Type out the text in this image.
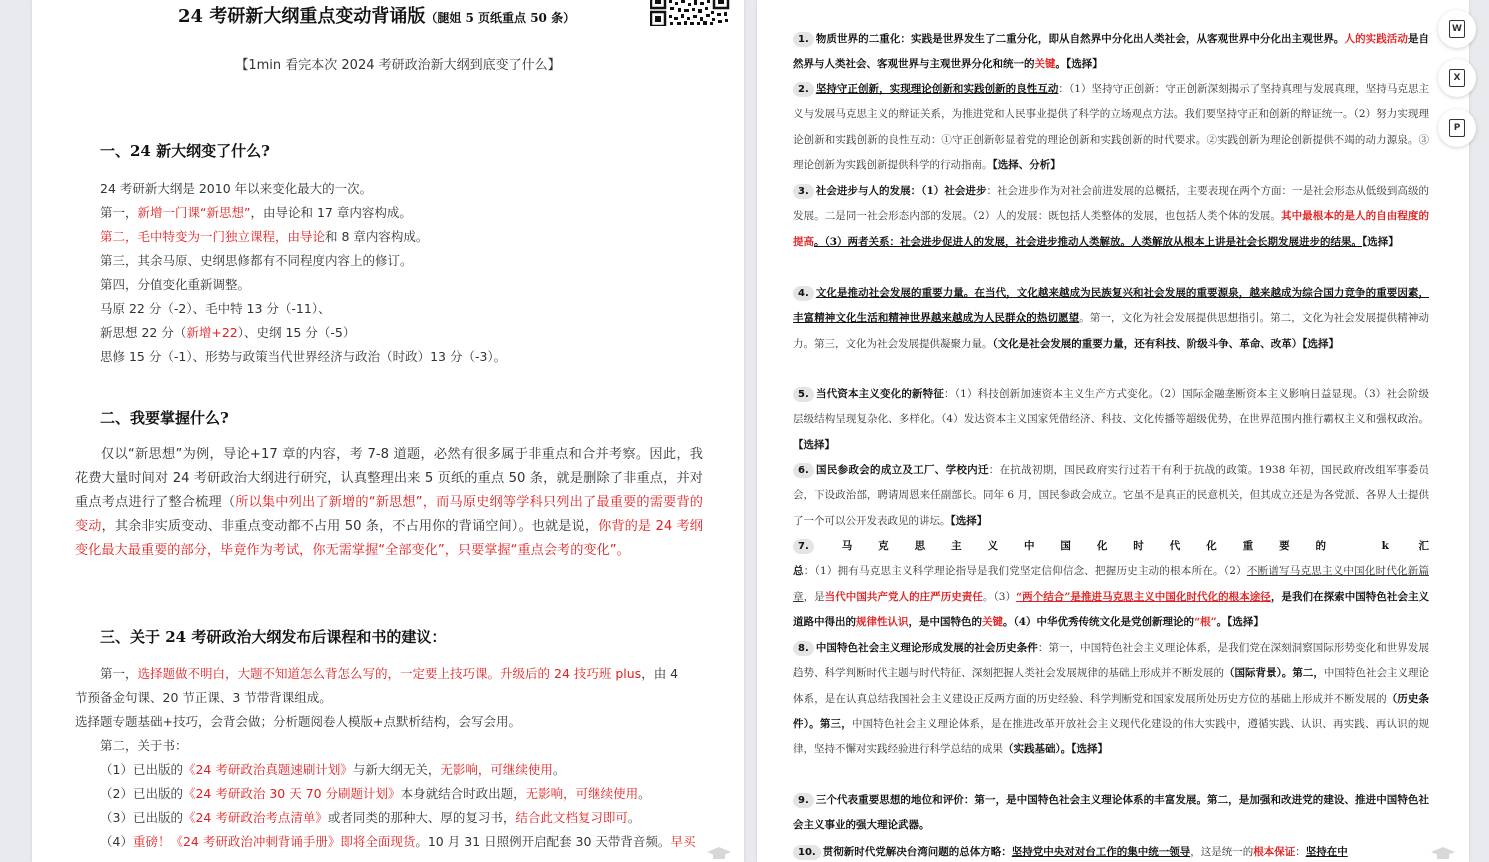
24 考研新大纲重点变动背诵版（腿姐 5 页纸重点 50 条）
【1min 看完本次 2024 考研政治新大纲到底变了什么】
一、24 新大纲变了什么?
24 考研新大纲是 2010 年以来变化最大的一次。
第一，新增一门课“新思想”，由导论和 17 章内容构成。
第二，毛中特变为一门独立课程，由导论和 8 章内容构成。
第三，其余马原、史纲思修都有不同程度内容上的修订。
第四，分值变化重新调整。
马原 22 分（-2）、毛中特 13 分（-11）、
新思想 22 分（新增+22）、史纲 15 分（-5）
思修 15 分（-1）、形势与政策当代世界经济与政治（时政）13 分（-3）。
二、我要掌握什么?
仅以“新思想”为例，导论+17 章的内容，考 7-8 道题，必然有很多属于非重点和合并考察。因此，我花费大量时间对 24 考研政治大纲进行研究，认真整理出来 5 页纸的重点 50 条，就是删除了非重点，并对重点考点进行了整合梳理（所以集中列出了新增的“新思想”，而马原史纲等学科只列出了最重要的需要背的变动，其余非实质变动、非重点变动都不占用 50 条，不占用你的背诵空间）。也就是说，你背的是 24 考纲变化最大最重要的部分，毕竟作为考试，你无需掌握“全部变化”，只要掌握“重点会考的变化”。
三、关于 24 考研政治大纲发布后课程和书的建议：
第一，选择题做不明白，大题不知道怎么背怎么写的，一定要上技巧课。升级后的 24 技巧班 plus，由 4
节预备金句课、20 节正课、3 节带背课组成。
选择题专题基础+技巧，会背会做；分析题阅卷人模版+点默析结构，会写会用。
第二，关于书：
（1）已出版的《24 考研政治真题速刷计划》与新大纲无关，无影响，可继续使用。
（2）已出版的《24 考研政治 30 天 70 分刷题计划》本身就结合时政出题，无影响，可继续使用。
（3）已出版的《24 考研政治考点清单》或者同类的那种大、厚的复习书，结合此文档复习即可。
（4）重磅！《24 考研政治冲刺背诵手册》即将全面现货。10 月 31 日照例开启配套 30 天带背音频。早买
1. 物质世界的二重化：实践是世界发生了二重分化，即从自然界中分化出人类社会，从客观世界中分化出主观世界。人的实践活动是自然界与人类社会、客观世界与主观世界分化和统一的关键。【选择】
2. 坚持守正创新，实现理论创新和实践创新的良性互动：（1）坚持守正创新：守正创新深刻揭示了坚持真理与发展真理，坚持马克思主义与发展马克思主义的辩证关系，为推进党和人民事业提供了科学的立场观点方法。我们要坚持守正和创新的辩证统一。（2）努力实现理论创新和实践创新的良性互动：①守正创新彰显着党的理论创新和实践创新的时代要求。②实践创新为理论创新提供不竭的动力源泉。③理论创新为实践创新提供科学的行动指南。【选择、分析】
3. 社会进步与人的发展：（1）社会进步：社会进步作为对社会前进发展的总概括，主要表现在两个方面：一是社会形态从低级到高级的发展。二是同一社会形态内部的发展。（2）人的发展：既包括人类整体的发展，也包括人类个体的发展。其中最根本的是人的自由程度的提高。（3）两者关系：社会进步促进人的发展，社会进步推动人类解放。人类解放从根本上讲是社会长期发展进步的结果。【选择】
4. 文化是推动社会发展的重要力量。在当代，文化越来越成为民族复兴和社会发展的重要源泉，越来越成为综合国力竞争的重要因素，丰富精神文化生活和精神世界越来越成为人民群众的热切愿望。第一，文化为社会发展提供思想指引。第二，文化为社会发展提供精神动力。第三，文化为社会发展提供凝聚力量。（文化是社会发展的重要力量，还有科技、阶级斗争、革命、改革）【选择】
5. 当代资本主义变化的新特征：（1）科技创新加速资本主义生产方式变化。（2）国际金融垄断资本主义影响日益显现。（3）社会阶级层级结构呈现复杂化、多样化。（4）发达资本主义国家凭借经济、科技、文化传播等超级优势，在世界范围内推行霸权主义和强权政治。【选择】
6. 国民参政会的成立及工厂、学校内迁：在抗战初期，国民政府实行过若干有利于抗战的政策。1938 年初，国民政府改组军事委员会，下设政治部，聘请周恩来任副部长。同年 6 月，国民参政会成立。它虽不是真正的民意机关，但其成立还是为各党派、各界人士提供了一个可以公开发表政见的讲坛。【选择】
7. 马克思主义中国化时代化重要的 k 汇总：（1）拥有马克思主义科学理论指导是我们党坚定信仰信念、把握历史主动的根本所在。（2）不断谱写马克思主义中国化时代化新篇章，是当代中国共产党人的庄严历史责任。（3）“两个结合”是推进马克思主义中国化时代化的根本途径，是我们在探索中国特色社会主义道路中得出的规律性认识，是中国特色的关键。（4）中华优秀传统文化是党创新理论的“根”。【选择】
8. 中国特色社会主义理论形成发展的社会历史条件：第一，中国特色社会主义理论体系，是我们党在深刻洞察国际形势变化和世界发展趋势、科学判断时代主题与时代特征、深刻把握人类社会发展规律的基础上形成并不断发展的（国际背景）。第二，中国特色社会主义理论体系，是在认真总结我国社会主义建设正反两方面的历史经验、科学判断党和国家发展所处历史方位的基础上形成并不断发展的（历史条件）。第三，中国特色社会主义理论体系，是在推进改革开放社会主义现代化建设的伟大实践中，遵循实践、认识、再实践、再认识的规律，坚持不懈对实践经验进行科学总结的成果（实践基础）。【选择】
9. 三个代表重要思想的地位和评价：第一，是中国特色社会主义理论体系的丰富发展。第二，是加强和改进党的建设、推进中国特色社会主义事业的强大理论武器。
10. 贯彻新时代党解决台湾问题的总体方略：坚持党中央对对台工作的集中统一领导，这是统一的根本保证：坚持在中
W
X
P
